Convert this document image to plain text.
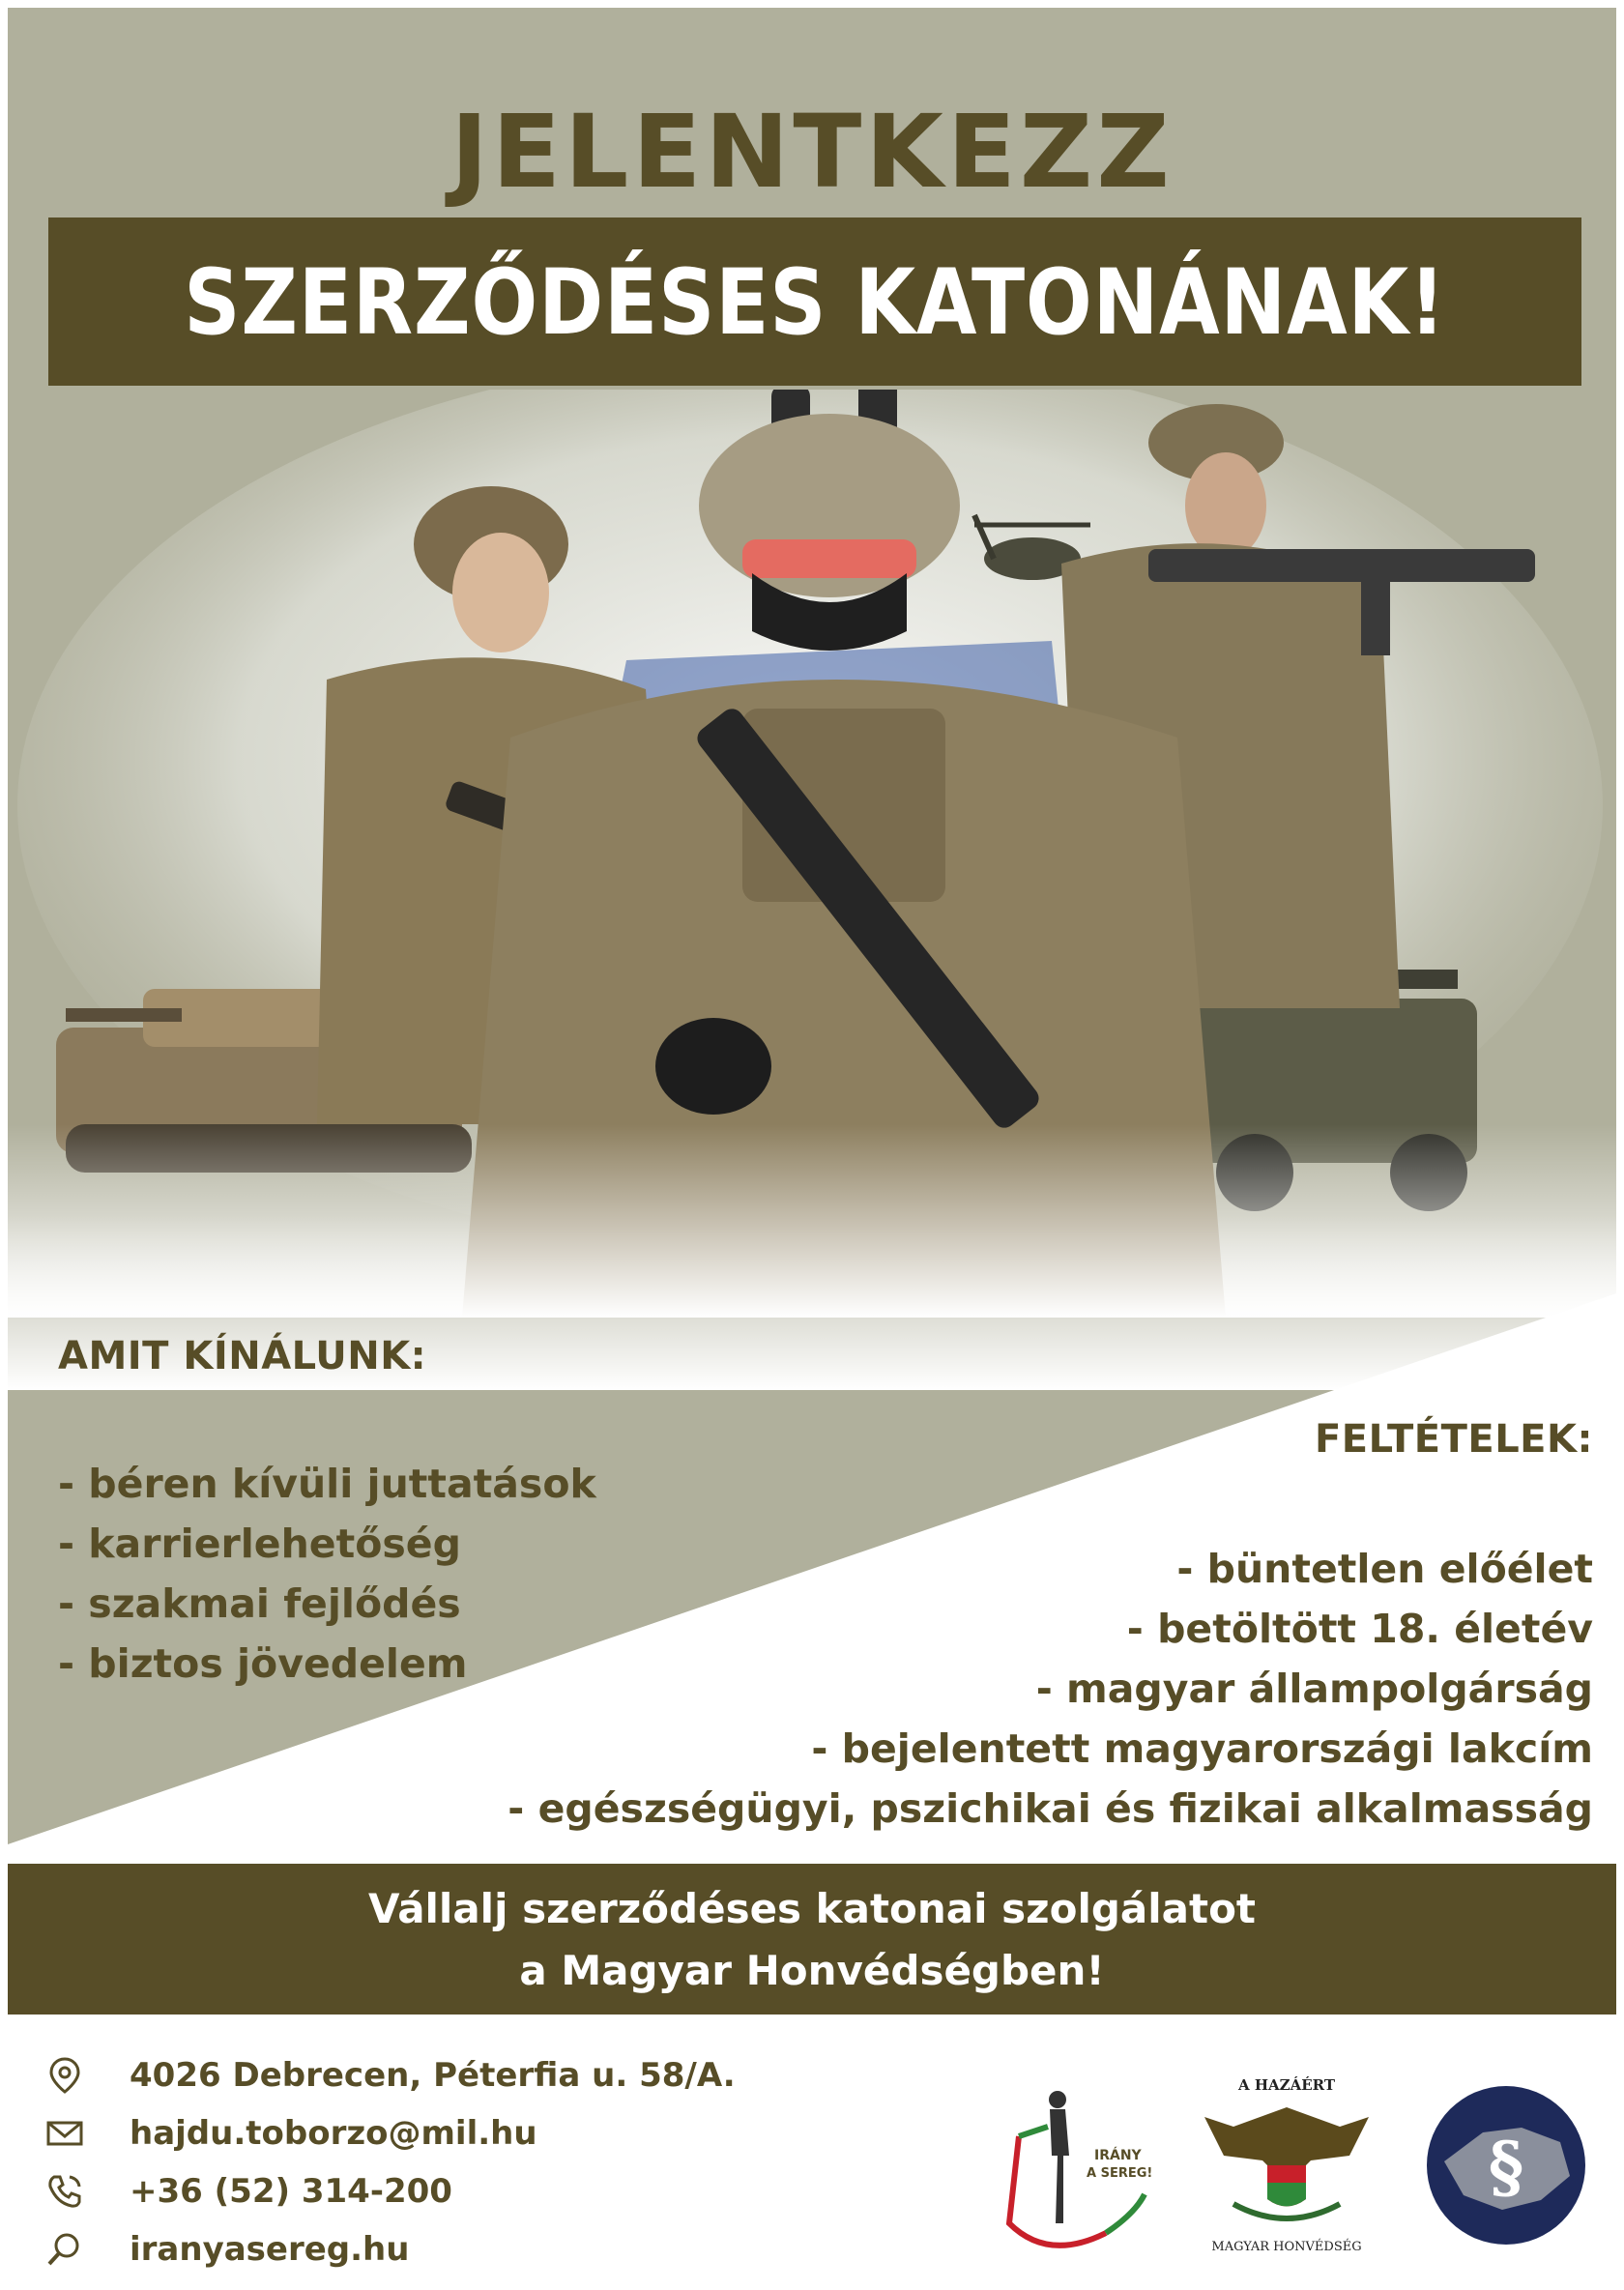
JELENTKEZZ
SZERZŐDÉSES KATONÁNAK!
AMIT KÍNÁLUNK:
- béren kívüli juttatások
- karrierlehetőség
- szakmai fejlődés
- biztos jövedelem
FELTÉTELEK:
- büntetlen előélet
- betöltött 18. életév
- magyar állampolgárság
- bejelentett magyarországi lakcím
- egészségügyi, pszichikai és fizikai alkalmasság
Vállalj szerződéses katonai szolgálatot
a Magyar Honvédségben!
4026 Debrecen, Péterfia u. 58/A.
hajdu.toborzo@mil.hu
+36 (52) 314-200
iranyasereg.hu
IRÁNY
A SEREG!
A HAZÁÉRT
MAGYAR HONVÉDSÉG
§
